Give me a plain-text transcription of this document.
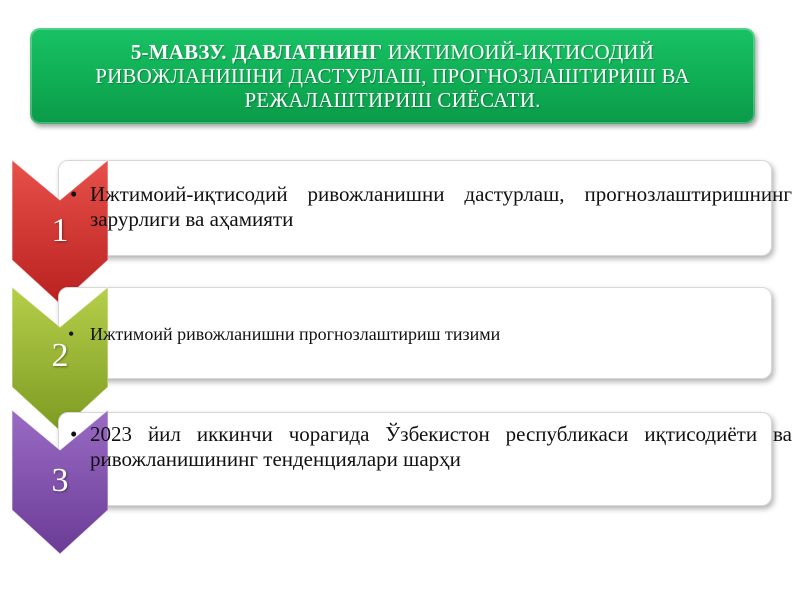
5-МАВЗУ. ДАВЛАТНИНГ ИЖТИМОИЙ-ИҚТИСОДИЙ
РИВОЖЛАНИШНИ ДАСТУРЛАШ, ПРОГНОЗЛАШТИРИШ ВА
РЕЖАЛАШТИРИШ СИЁСАТИ.
1
• Ижтимоий-иқтисодий ривожланишни дастурлаш, прогнозлаштиришнинг зарурлиги ва аҳамияти
2
• Ижтимоий ривожланишни прогнозлаштириш тизими
3
• 2023 йил иккинчи чорагида Ўзбекистон республикаси иқтисодиёти ва ривожланишининг тенденциялари шарҳи
